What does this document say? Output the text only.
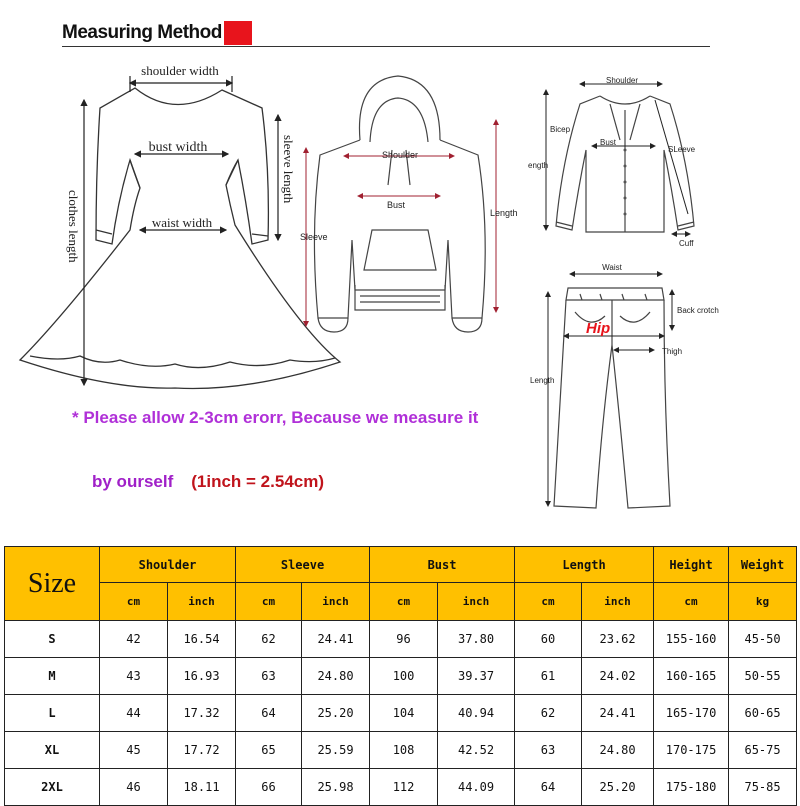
Measuring Method
shoulder width
bust width
waist width
sleeve length
clothes length
Shoulder
Bust
Length
Sleeve
Shoulder
Bicep
Bust
SLeeve
ength
Cuff
Waist
Back crotch
Hip
Thigh
Length
* Please allow 2-3cm erorr, Because we measure it
by ourself (1inch = 2.54cm)
Size	Shoulder		Sleeve		Bust		Length		Height	Weight
	cm	inch	cm	inch	cm	inch	cm	inch	cm	kg
S	42	16.54	62	24.41	96	37.80	60	23.62	155-160	45-50
M	43	16.93	63	24.80	100	39.37	61	24.02	160-165	50-55
L	44	17.32	64	25.20	104	40.94	62	24.41	165-170	60-65
XL	45	17.72	65	25.59	108	42.52	63	24.80	170-175	65-75
2XL	46	18.11	66	25.98	112	44.09	64	25.20	175-180	75-85
